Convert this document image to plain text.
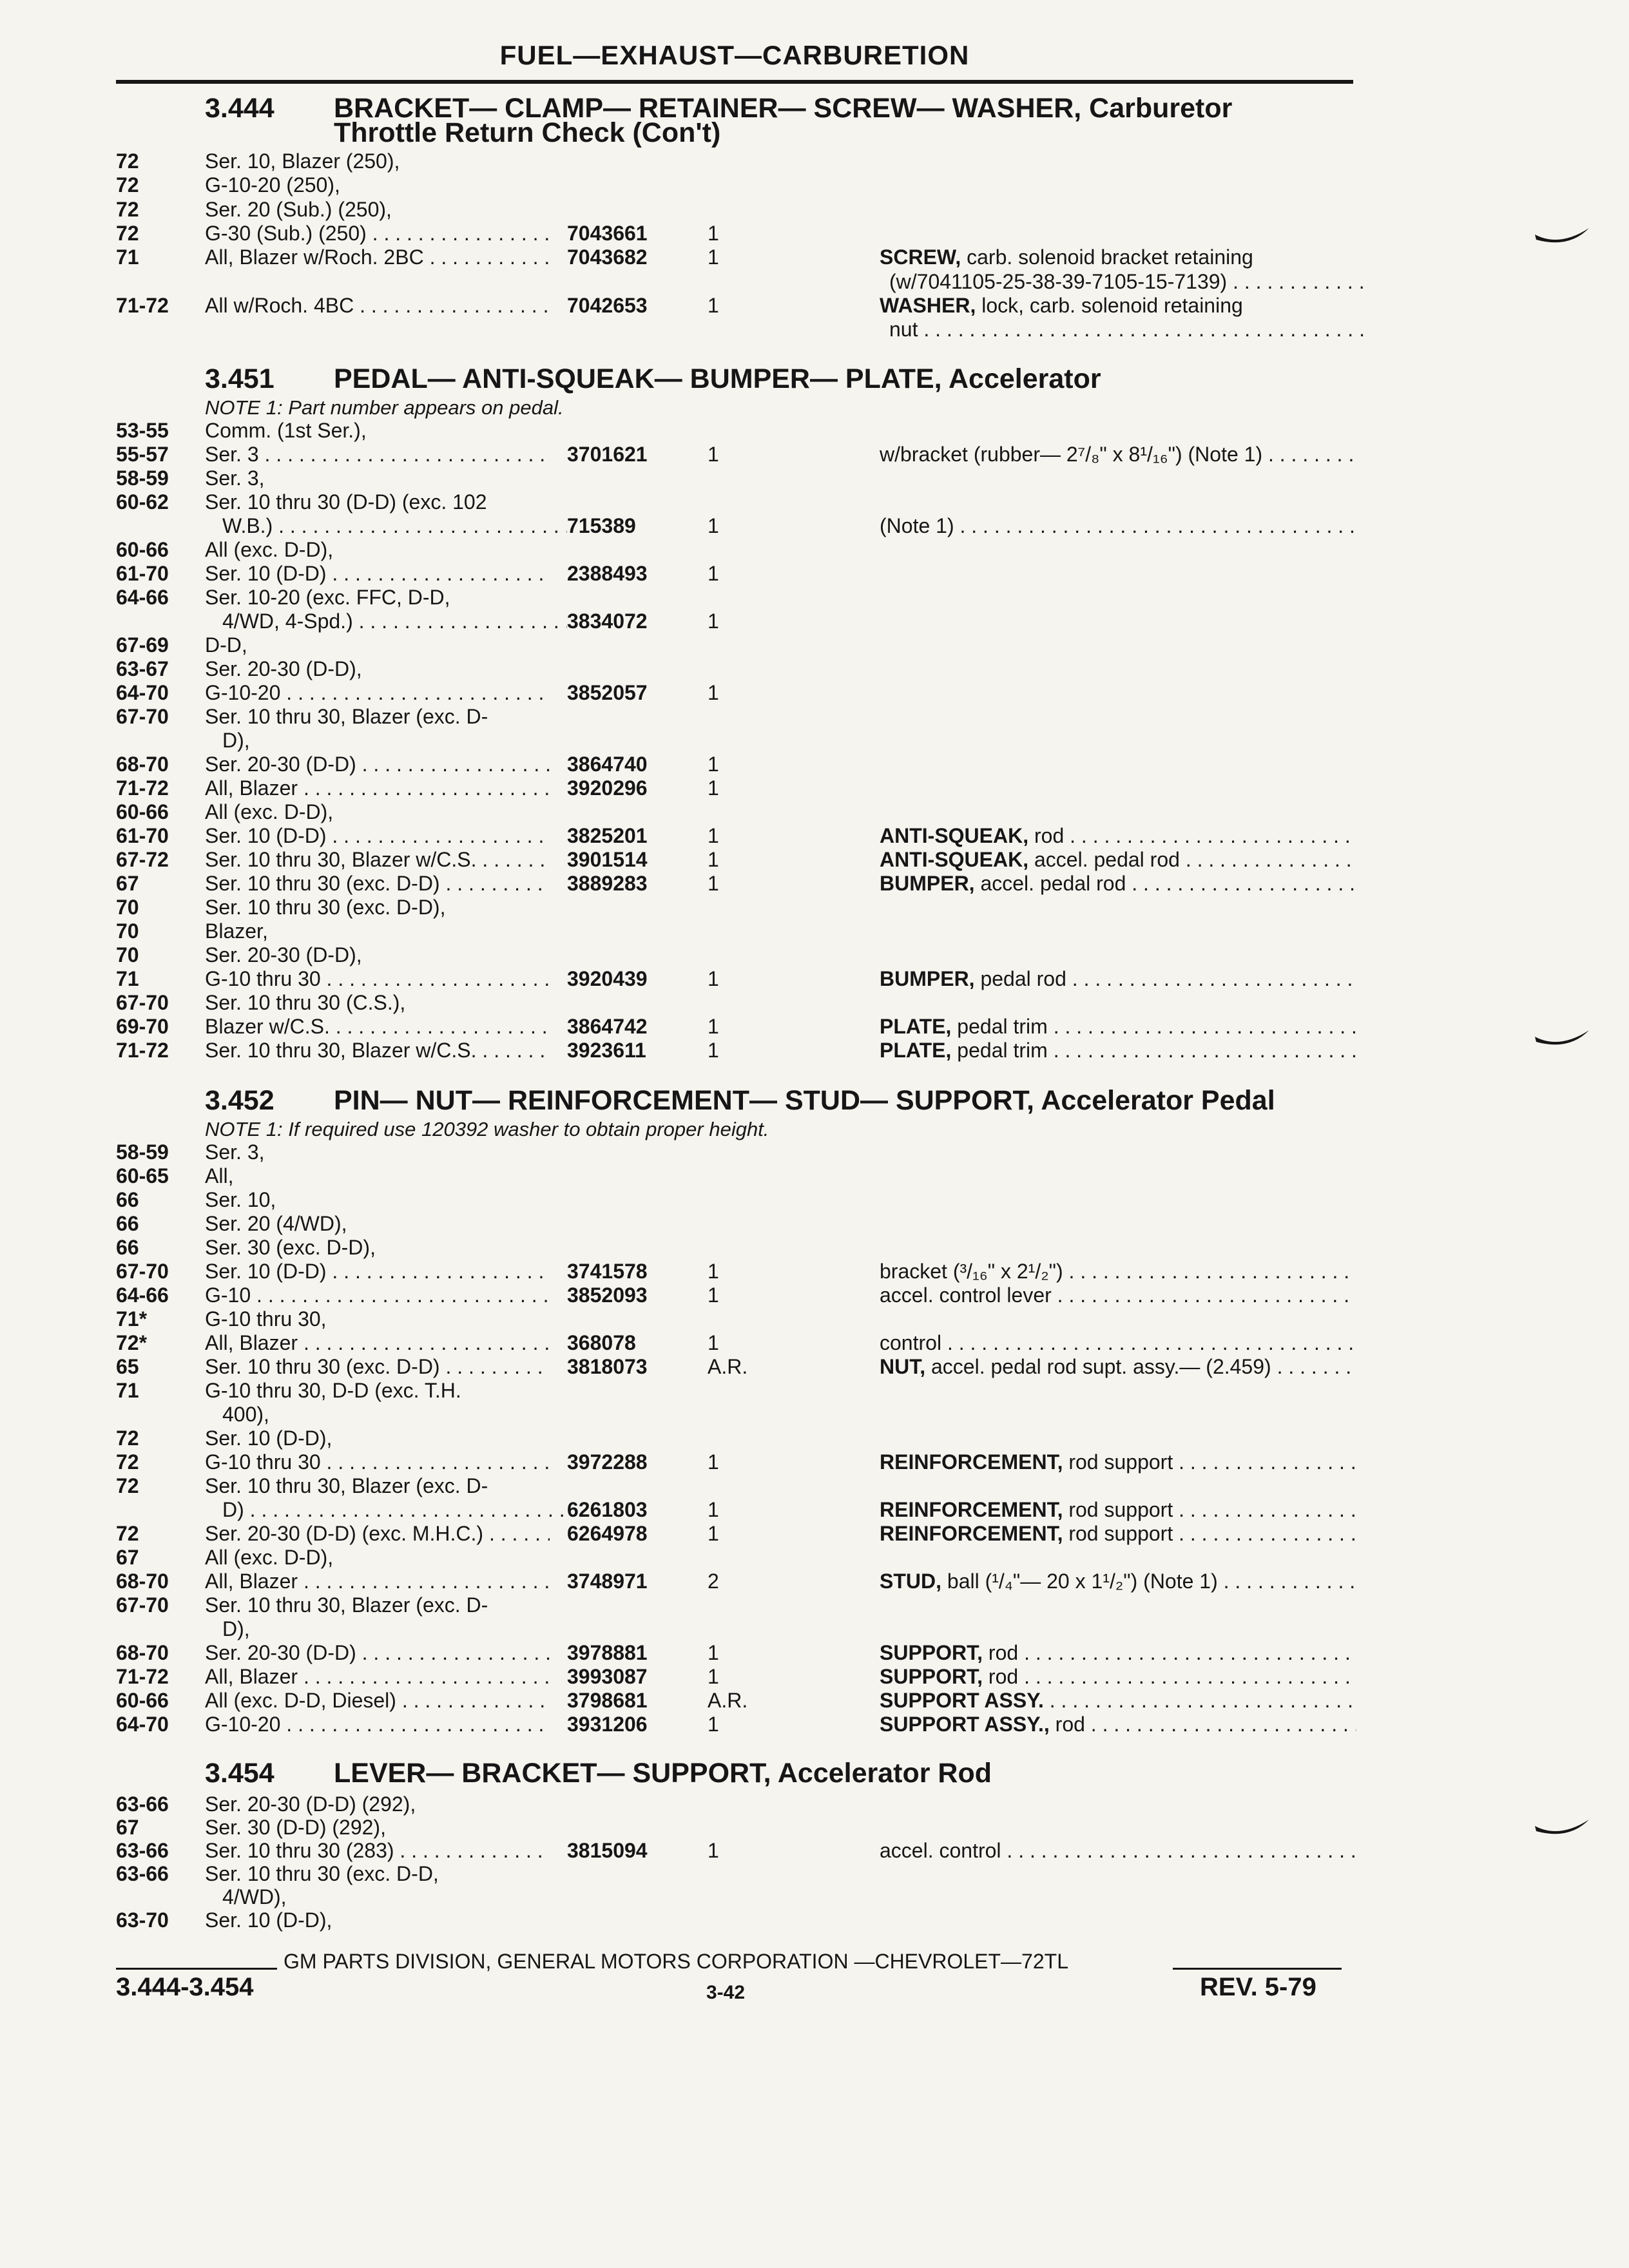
FUEL—EXHAUST—CARBURETION
3.444 BRACKET— CLAMP— RETAINER— SCREW— WASHER, Carburetor
Throttle Return Check (Con't)
72	Ser. 10, Blazer (250),
72	G-10-20 (250),
72	Ser. 20 (Sub.) (250),
72	G-30 (Sub.) (250) . . .	7043661	1
71	All, Blazer w/Roch. 2BC . . .	7043682	1	SCREW, carb. solenoid bracket retaining
(w/7041105-25-38-39-7105-15-7139) . . .
71-72	All w/Roch. 4BC . . .	7042653	1	WASHER, lock, carb. solenoid retaining
nut . . .
3.451 PEDAL— ANTI-SQUEAK— BUMPER— PLATE, Accelerator
NOTE 1: Part number appears on pedal.
53-55	Comm. (1st Ser.),
55-57	Ser. 3 . . .	3701621	1	w/bracket (rubber— 2⁷/₈" x 8¹/₁₆") (Note 1) . . .
58-59	Ser. 3,
60-62	Ser. 10 thru 30 (D-D) (exc. 102
W.B.) . . .	715389	1	(Note 1) . . .
60-66	All (exc. D-D),
61-70	Ser. 10 (D-D) . . .	2388493	1
64-66	Ser. 10-20 (exc. FFC, D-D,
4/WD, 4-Spd.) . . .	3834072	1
67-69	D-D,
63-67	Ser. 20-30 (D-D),
64-70	G-10-20 . . .	3852057	1
67-70	Ser. 10 thru 30, Blazer (exc. D-
D),
68-70	Ser. 20-30 (D-D) . . .	3864740	1
71-72	All, Blazer . . .	3920296	1
60-66	All (exc. D-D),
61-70	Ser. 10 (D-D) . . .	3825201	1	ANTI-SQUEAK, rod . . .
67-72	Ser. 10 thru 30, Blazer w/C.S. . . .	3901514	1	ANTI-SQUEAK, accel. pedal rod . . .
67	Ser. 10 thru 30 (exc. D-D) . . .	3889283	1	BUMPER, accel. pedal rod . . .
70	Ser. 10 thru 30 (exc. D-D),
70	Blazer,
70	Ser. 20-30 (D-D),
71	G-10 thru 30 . . .	3920439	1	BUMPER, pedal rod . . .
67-70	Ser. 10 thru 30 (C.S.),
69-70	Blazer w/C.S. . . .	3864742	1	PLATE, pedal trim . . .
71-72	Ser. 10 thru 30, Blazer w/C.S. . . .	3923611	1	PLATE, pedal trim . . .
3.452 PIN— NUT— REINFORCEMENT— STUD— SUPPORT, Accelerator Pedal
NOTE 1: If required use 120392 washer to obtain proper height.
58-59	Ser. 3,
60-65	All,
66	Ser. 10,
66	Ser. 20 (4/WD),
66	Ser. 30 (exc. D-D),
67-70	Ser. 10 (D-D) . . .	3741578	1	bracket (³/₁₆" x 2¹/₂") . . .
64-66	G-10 . . .	3852093	1	accel. control lever . . .
71*	G-10 thru 30,
72*	All, Blazer . . .	368078	1	control . . .
65	Ser. 10 thru 30 (exc. D-D) . . .	3818073	A.R.	NUT, accel. pedal rod supt. assy.— (2.459) . . .
71	G-10 thru 30, D-D (exc. T.H.
400),
72	Ser. 10 (D-D),
72	G-10 thru 30 . . .	3972288	1	REINFORCEMENT, rod support . . .
72	Ser. 10 thru 30, Blazer (exc. D-
D) . . .	6261803	1	REINFORCEMENT, rod support . . .
72	Ser. 20-30 (D-D) (exc. M.H.C.) . . .	6264978	1	REINFORCEMENT, rod support . . .
67	All (exc. D-D),
68-70	All, Blazer . . .	3748971	2	STUD, ball (¹/₄"— 20 x 1¹/₂") (Note 1) . . .
67-70	Ser. 10 thru 30, Blazer (exc. D-
D),
68-70	Ser. 20-30 (D-D) . . .	3978881	1	SUPPORT, rod . . .
71-72	All, Blazer . . .	3993087	1	SUPPORT, rod . . .
60-66	All (exc. D-D, Diesel) . . .	3798681	A.R.	SUPPORT ASSY. . . .
64-70	G-10-20 . . .	3931206	1	SUPPORT ASSY., rod . . .
3.454 LEVER— BRACKET— SUPPORT, Accelerator Rod
63-66	Ser. 20-30 (D-D) (292),
67	Ser. 30 (D-D) (292),
63-66	Ser. 10 thru 30 (283) . . .	3815094	1	accel. control . . .
63-66	Ser. 10 thru 30 (exc. D-D,
4/WD),
63-70	Ser. 10 (D-D),
GM PARTS DIVISION, GENERAL MOTORS CORPORATION —CHEVROLET—72TL
3.444-3.454	3-42	REV. 5-79
